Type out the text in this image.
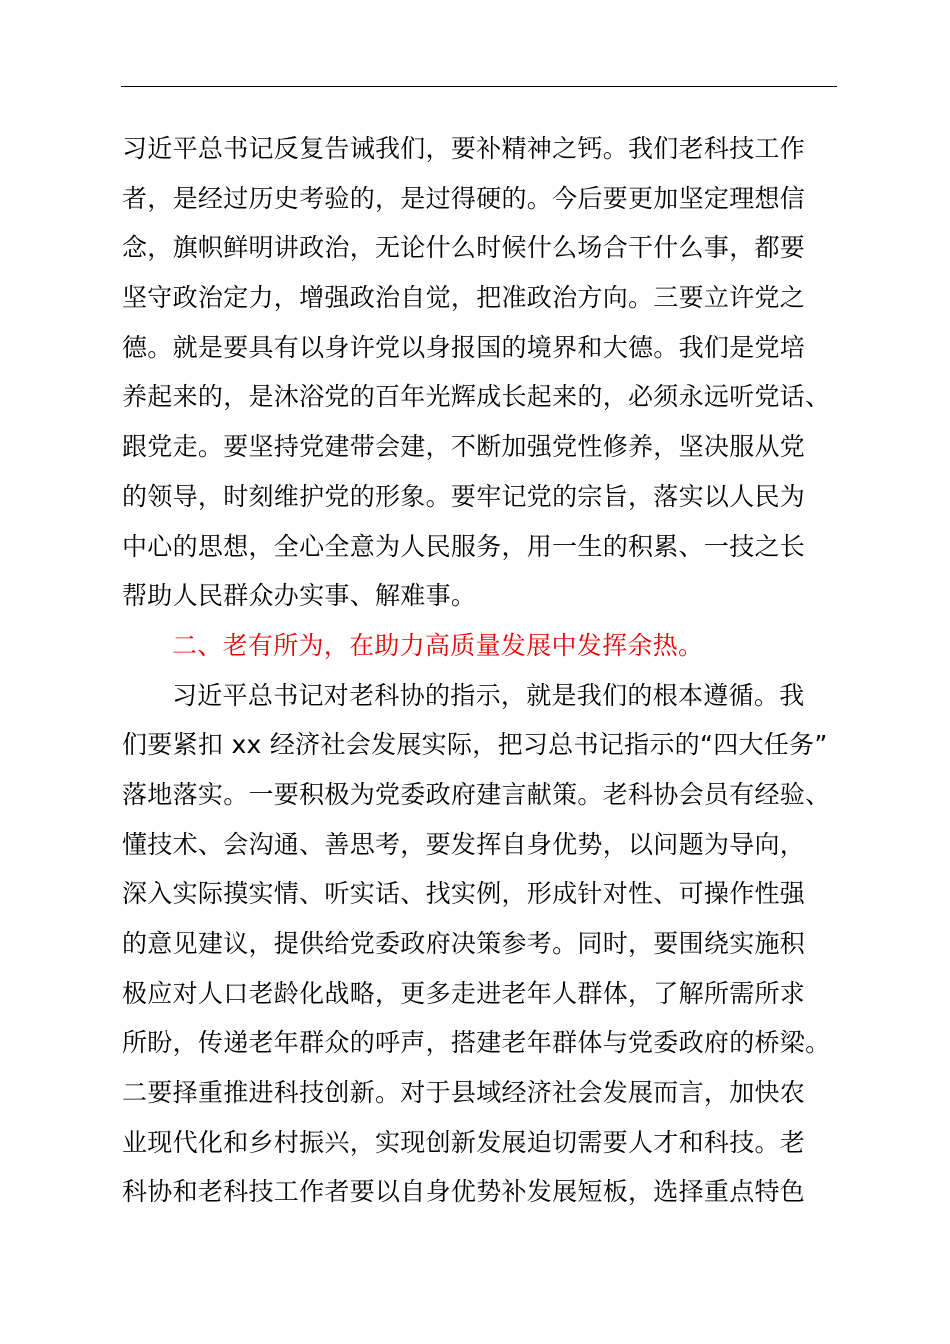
习近平总书记反复告诫我们，要补精神之钙。我们老科技工作
者，是经过历史考验的，是过得硬的。今后要更加坚定理想信
念，旗帜鲜明讲政治，无论什么时候什么场合干什么事，都要
坚守政治定力，增强政治自觉，把准政治方向。三要立许党之
德。就是要具有以身许党以身报国的境界和大德。我们是党培
养起来的，是沐浴党的百年光辉成长起来的，必须永远听党话、
跟党走。要坚持党建带会建，不断加强党性修养，坚决服从党
的领导，时刻维护党的形象。要牢记党的宗旨，落实以人民为
中心的思想，全心全意为人民服务，用一生的积累、一技之长
帮助人民群众办实事、解难事。
二、老有所为，在助力高质量发展中发挥余热。
习近平总书记对老科协的指示，就是我们的根本遵循。我
们要紧扣 xx 经济社会发展实际，把习总书记指示的“四大任务”
落地落实。一要积极为党委政府建言献策。老科协会员有经验、
懂技术、会沟通、善思考，要发挥自身优势，以问题为导向，
深入实际摸实情、听实话、找实例，形成针对性、可操作性强
的意见建议，提供给党委政府决策参考。同时，要围绕实施积
极应对人口老龄化战略，更多走进老年人群体，了解所需所求
所盼，传递老年群众的呼声，搭建老年群体与党委政府的桥梁。
二要择重推进科技创新。对于县域经济社会发展而言，加快农
业现代化和乡村振兴，实现创新发展迫切需要人才和科技。老
科协和老科技工作者要以自身优势补发展短板，选择重点特色
